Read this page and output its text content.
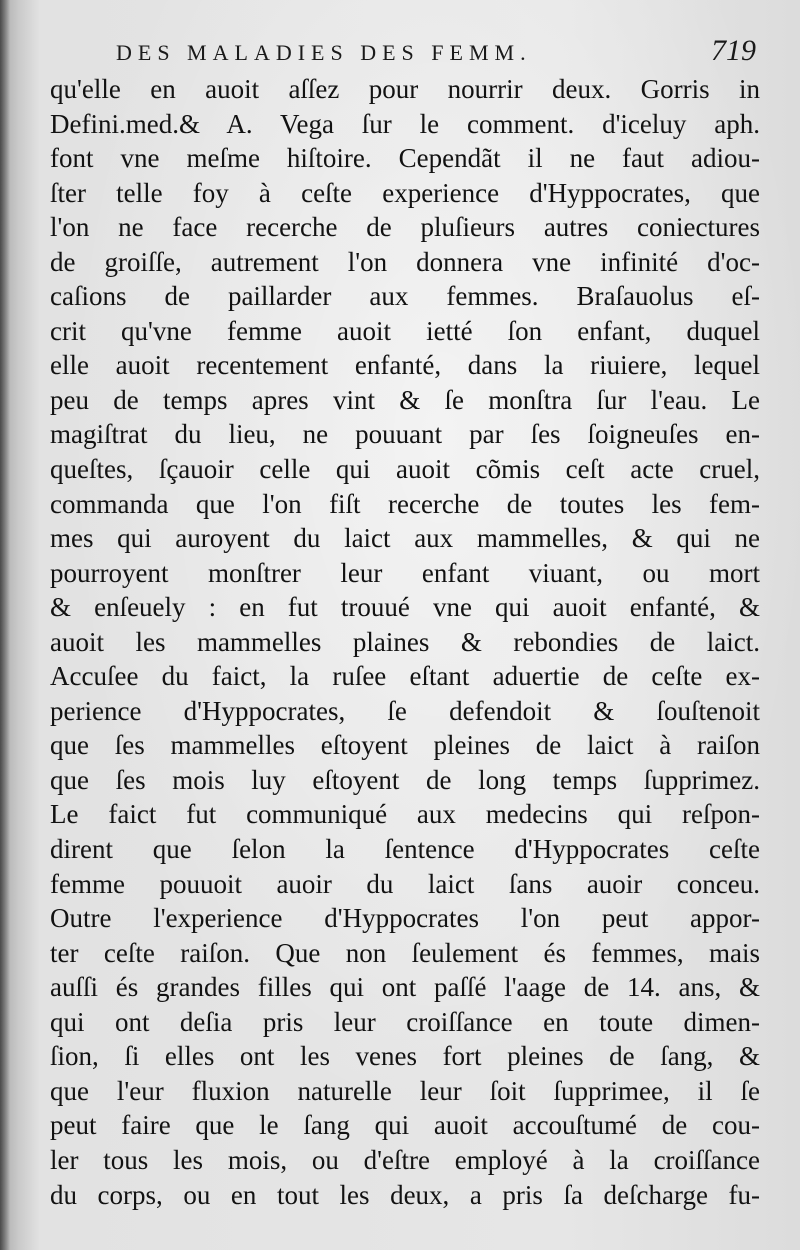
DES MALADIES DES FEMM.	719
qu'elle en auoit aſſez pour nourrir deux. Gorris in
Defini.med.& A. Vega ſur le comment. d'iceluy aph.
font vne meſme hiſtoire. Cependãt il ne faut adiou-
ſter telle foy à ceſte experience d'Hyppocrates, que
l'on ne face recerche de pluſieurs autres coniectures
de groiſſe, autrement l'on donnera vne infinité d'oc-
caſions de paillarder aux femmes. Braſauolus eſ-
crit qu'vne femme auoit ietté ſon enfant, duquel
elle auoit recentement enfanté, dans la riuiere, lequel
peu de temps apres vint & ſe monſtra ſur l'eau. Le
magiſtrat du lieu, ne pouuant par ſes ſoigneuſes en-
queſtes, ſçauoir celle qui auoit cõmis ceſt acte cruel,
commanda que l'on fiſt recerche de toutes les fem-
mes qui auroyent du laict aux mammelles, & qui ne
pourroyent monſtrer leur enfant viuant, ou mort
& enſeuely : en fut trouué vne qui auoit enfanté, &
auoit les mammelles plaines & rebondies de laict.
Accuſee du faict, la ruſee eſtant aduertie de ceſte ex-
perience d'Hyppocrates, ſe defendoit & ſouſtenoit
que ſes mammelles eſtoyent pleines de laict à raiſon
que ſes mois luy eſtoyent de long temps ſupprimez.
Le faict fut communiqué aux medecins qui reſpon-
dirent que ſelon la ſentence d'Hyppocrates ceſte
femme pouuoit auoir du laict ſans auoir conceu.
Outre l'experience d'Hyppocrates l'on peut appor-
ter ceſte raiſon. Que non ſeulement és femmes, mais
auſſi és grandes filles qui ont paſſé l'aage de 14. ans, &
qui ont deſia pris leur croiſſance en toute dimen-
ſion, ſi elles ont les venes fort pleines de ſang, &
que l'eur fluxion naturelle leur ſoit ſupprimee, il ſe
peut faire que le ſang qui auoit accouſtumé de cou-
ler tous les mois, ou d'eſtre employé à la croiſſance
du corps, ou en tout les deux, a pris ſa deſcharge fu-
